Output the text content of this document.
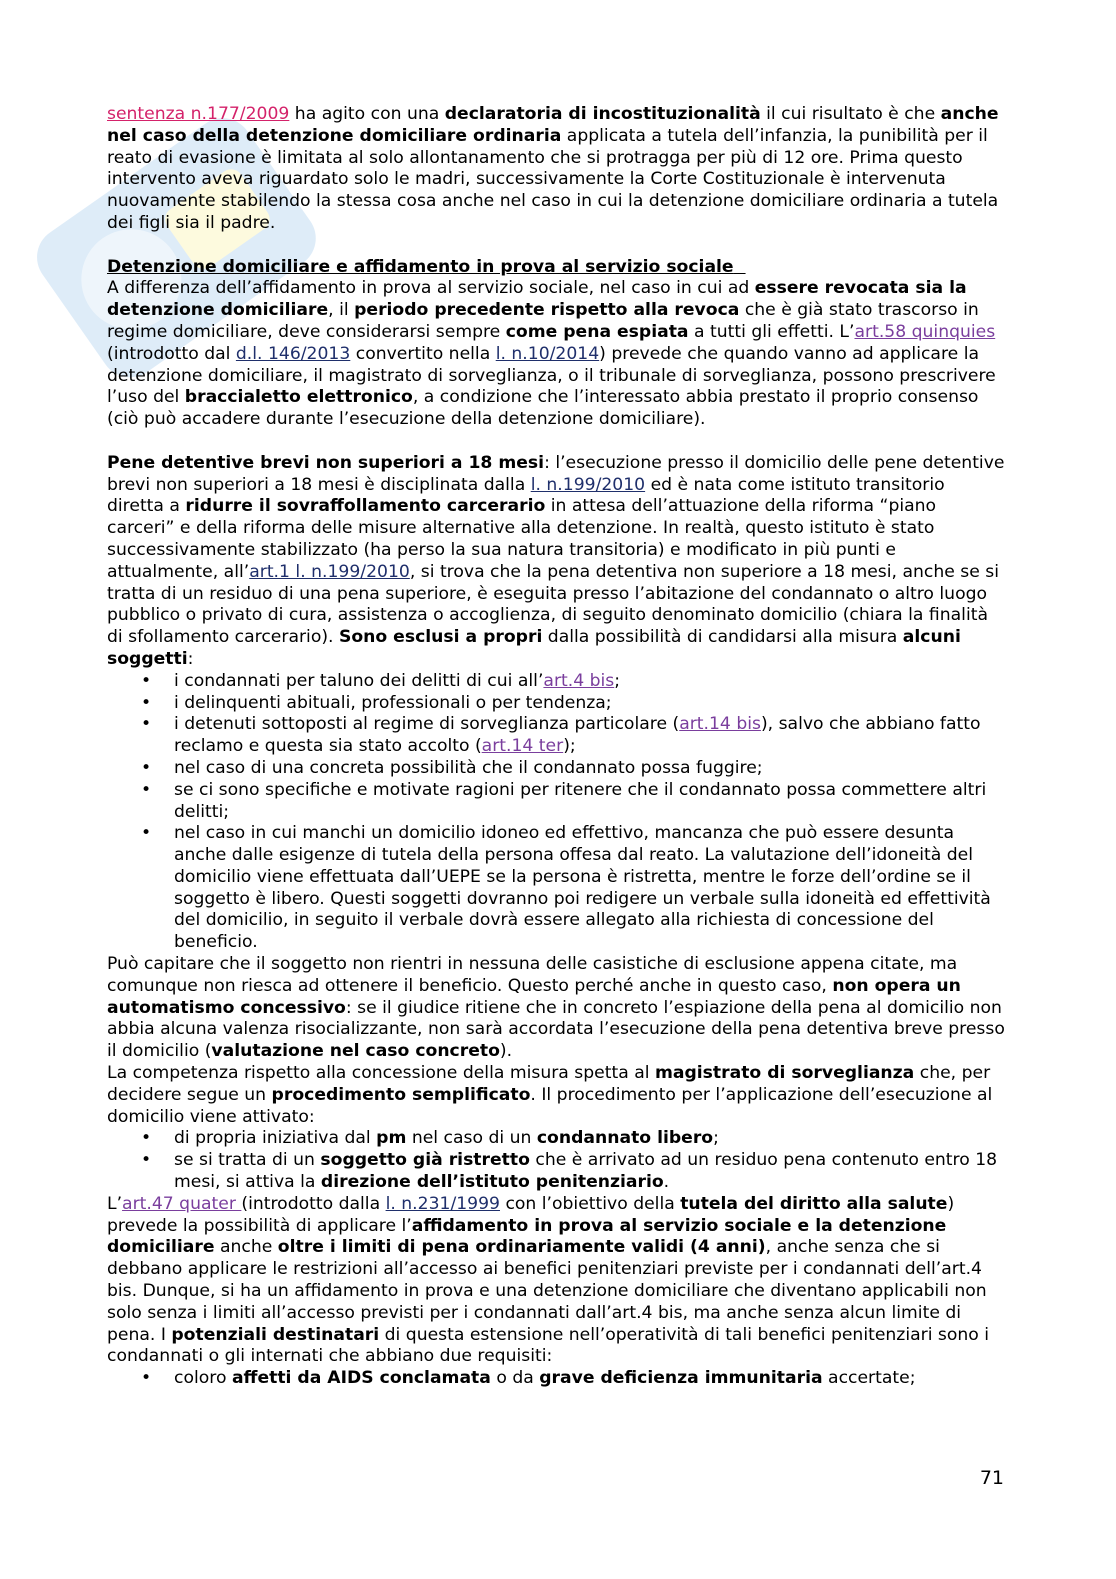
sentenza n.177/2009 ha agito con una declaratoria di incostituzionalità il cui risultato è che anche nel caso della detenzione domiciliare ordinaria applicata a tutela dell’infanzia, la punibilità per il reato di evasione è limitata al solo allontanamento che si protragga per più di 12 ore. Prima questo intervento aveva riguardato solo le madri, successivamente la Corte Costituzionale è intervenuta nuovamente stabilendo la stessa cosa anche nel caso in cui la detenzione domiciliare ordinaria a tutela dei figli sia il padre.

Detenzione domiciliare e affidamento in prova al servizio sociale

A differenza dell’affidamento in prova al servizio sociale, nel caso in cui ad essere revocata sia la detenzione domiciliare, il periodo precedente rispetto alla revoca che è già stato trascorso in regime domiciliare, deve considerarsi sempre come pena espiata a tutti gli effetti. L’art.58 quinquies (introdotto dal d.l. 146/2013 convertito nella l. n.10/2014) prevede che quando vanno ad applicare la detenzione domiciliare, il magistrato di sorveglianza, o il tribunale di sorveglianza, possono prescrivere l’uso del braccialetto elettronico, a condizione che l’interessato abbia prestato il proprio consenso (ciò può accadere durante l’esecuzione della detenzione domiciliare).

Pene detentive brevi non superiori a 18 mesi: l’esecuzione presso il domicilio delle pene detentive brevi non superiori a 18 mesi è disciplinata dalla l. n.199/2010 ed è nata come istituto transitorio diretta a ridurre il sovraffollamento carcerario in attesa dell’attuazione della riforma “piano carceri” e della riforma delle misure alternative alla detenzione. In realtà, questo istituto è stato successivamente stabilizzato (ha perso la sua natura transitoria) e modificato in più punti e attualmente, all’art.1 l. n.199/2010, si trova che la pena detentiva non superiore a 18 mesi, anche se si tratta di un residuo di una pena superiore, è eseguita presso l’abitazione del condannato o altro luogo pubblico o privato di cura, assistenza o accoglienza, di seguito denominato domicilio (chiara la finalità di sfollamento carcerario). Sono esclusi a propri dalla possibilità di candidarsi alla misura alcuni soggetti:

• i condannati per taluno dei delitti di cui all’art.4 bis;
• i delinquenti abituali, professionali o per tendenza;
• i detenuti sottoposti al regime di sorveglianza particolare (art.14 bis), salvo che abbiano fatto reclamo e questa sia stato accolto (art.14 ter);
• nel caso di una concreta possibilità che il condannato possa fuggire;
• se ci sono specifiche e motivate ragioni per ritenere che il condannato possa commettere altri delitti;
• nel caso in cui manchi un domicilio idoneo ed effettivo, mancanza che può essere desunta anche dalle esigenze di tutela della persona offesa dal reato. La valutazione dell’idoneità del domicilio viene effettuata dall’UEPE se la persona è ristretta, mentre le forze dell’ordine se il soggetto è libero. Questi soggetti dovranno poi redigere un verbale sulla idoneità ed effettività del domicilio, in seguito il verbale dovrà essere allegato alla richiesta di concessione del beneficio.

Può capitare che il soggetto non rientri in nessuna delle casistiche di esclusione appena citate, ma comunque non riesca ad ottenere il beneficio. Questo perché anche in questo caso, non opera un automatismo concessivo: se il giudice ritiene che in concreto l’espiazione della pena al domicilio non abbia alcuna valenza risocializzante, non sarà accordata l’esecuzione della pena detentiva breve presso il domicilio (valutazione nel caso concreto).

La competenza rispetto alla concessione della misura spetta al magistrato di sorveglianza che, per decidere segue un procedimento semplificato. Il procedimento per l’applicazione dell’esecuzione al domicilio viene attivato:

• di propria iniziativa dal pm nel caso di un condannato libero;
• se si tratta di un soggetto già ristretto che è arrivato ad un residuo pena contenuto entro 18 mesi, si attiva la direzione dell’istituto penitenziario.

L’art.47 quater (introdotto dalla l. n.231/1999 con l’obiettivo della tutela del diritto alla salute) prevede la possibilità di applicare l’affidamento in prova al servizio sociale e la detenzione domiciliare anche oltre i limiti di pena ordinariamente validi (4 anni), anche senza che si debbano applicare le restrizioni all’accesso ai benefici penitenziari previste per i condannati dell’art.4 bis. Dunque, si ha un affidamento in prova e una detenzione domiciliare che diventano applicabili non solo senza i limiti all’accesso previsti per i condannati dall’art.4 bis, ma anche senza alcun limite di pena. I potenziali destinatari di questa estensione nell’operatività di tali benefici penitenziari sono i condannati o gli internati che abbiano due requisiti:

• coloro affetti da AIDS conclamata o da grave deficienza immunitaria accertate;
71
